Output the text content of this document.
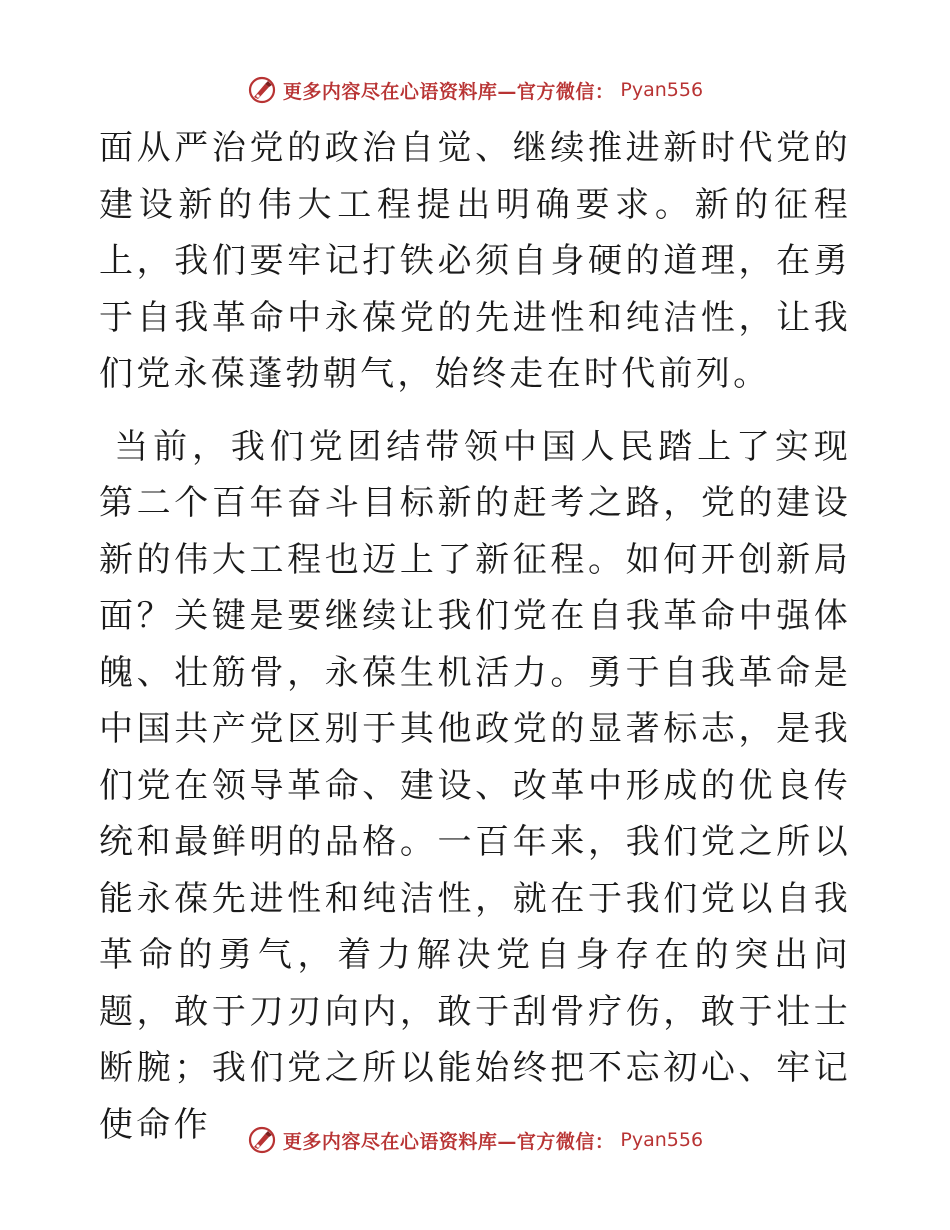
更多内容尽在心语资料库—官方微信： Pyan556

面从严治党的政治自觉、继续推进新时代党的建设新的伟大工程提出明确要求。新的征程上，我们要牢记打铁必须自身硬的道理，在勇于自我革命中永葆党的先进性和纯洁性，让我们党永葆蓬勃朝气，始终走在时代前列。

当前，我们党团结带领中国人民踏上了实现第二个百年奋斗目标新的赶考之路，党的建设新的伟大工程也迈上了新征程。如何开创新局面？关键是要继续让我们党在自我革命中强体魄、壮筋骨，永葆生机活力。勇于自我革命是中国共产党区别于其他政党的显著标志，是我们党在领导革命、建设、改革中形成的优良传统和最鲜明的品格。一百年来，我们党之所以能永葆先进性和纯洁性，就在于我们党以自我革命的勇气，着力解决党自身存在的突出问题，敢于刀刃向内，敢于刮骨疗伤，敢于壮士断腕；我们党之所以能始终把不忘初心、牢记使命作	更多内容尽在心语资料库—官方微信： Pyan556
